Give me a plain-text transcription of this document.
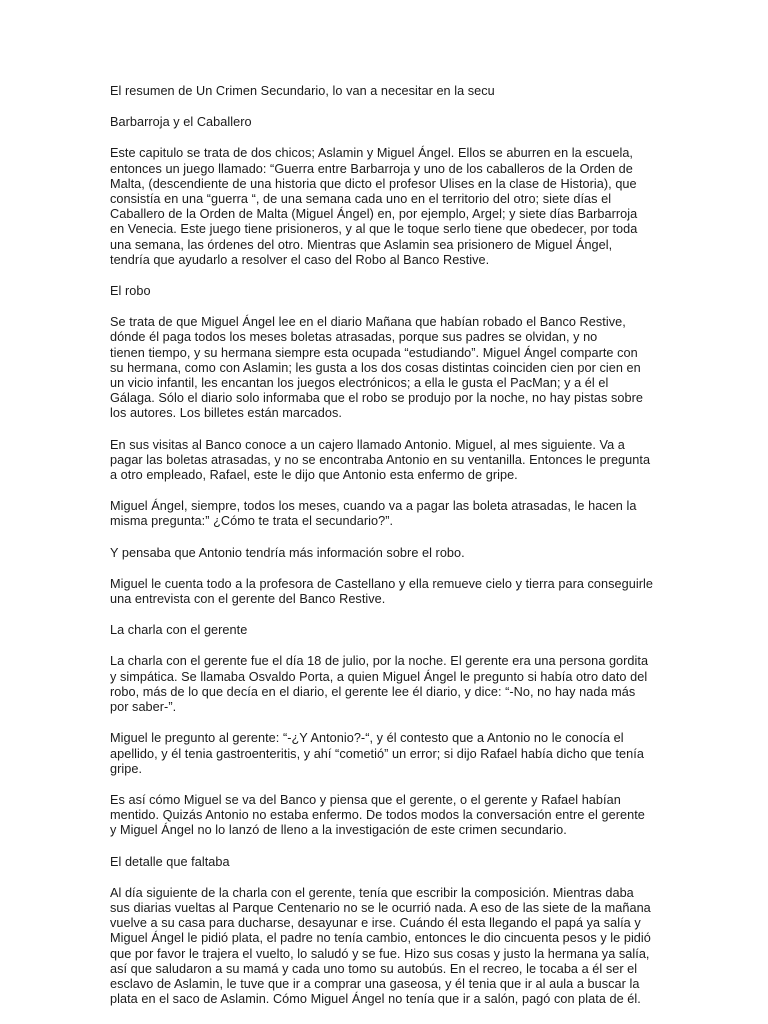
El resumen de Un Crimen Secundario, lo van a necesitar en la secu

Barbarroja y el Caballero

Este capitulo se trata de dos chicos; Aslamin y Miguel Ángel. Ellos se aburren en la escuela,
entonces un juego llamado: “Guerra entre Barbarroja y uno de los caballeros de la Orden de
Malta, (descendiente de una historia que dicto el profesor Ulises en la clase de Historia), que
consistía en una “guerra “, de una semana cada uno en el territorio del otro; siete días el
Caballero de la Orden de Malta (Miguel Ángel) en, por ejemplo, Argel; y siete días Barbarroja
en Venecia. Este juego tiene prisioneros, y al que le toque serlo tiene que obedecer, por toda
una semana, las órdenes del otro. Mientras que Aslamin sea prisionero de Miguel Ángel,
tendría que ayudarlo a resolver el caso del Robo al Banco Restive.

El robo

Se trata de que Miguel Ángel lee en el diario Mañana que habían robado el Banco Restive,
dónde él paga todos los meses boletas atrasadas, porque sus padres se olvidan, y no
tienen tiempo, y su hermana siempre esta ocupada “estudiando”. Miguel Ángel comparte con
su hermana, como con Aslamin; les gusta a los dos cosas distintas coinciden cien por cien en
un vicio infantil, les encantan los juegos electrónicos; a ella le gusta el PacMan; y a él el
Gálaga. Sólo el diario solo informaba que el robo se produjo por la noche, no hay pistas sobre
los autores. Los billetes están marcados.

En sus visitas al Banco conoce a un cajero llamado Antonio. Miguel, al mes siguiente. Va a
pagar las boletas atrasadas, y no se encontraba Antonio en su ventanilla. Entonces le pregunta
a otro empleado, Rafael, este le dijo que Antonio esta enfermo de gripe.

Miguel Ángel, siempre, todos los meses, cuando va a pagar las boleta atrasadas, le hacen la
misma pregunta:” ¿Cómo te trata el secundario?”.

Y pensaba que Antonio tendría más información sobre el robo.

Miguel le cuenta todo a la profesora de Castellano y ella remueve cielo y tierra para conseguirle
una entrevista con el gerente del Banco Restive.

La charla con el gerente

La charla con el gerente fue el día 18 de julio, por la noche. El gerente era una persona gordita
y simpática. Se llamaba Osvaldo Porta, a quien Miguel Ángel le pregunto si había otro dato del
robo, más de lo que decía en el diario, el gerente lee él diario, y dice: “-No, no hay nada más
por saber-”.

Miguel le pregunto al gerente: “-¿Y Antonio?-“, y él contesto que a Antonio no le conocía el
apellido, y él tenia gastroenteritis, y ahí “cometió” un error; si dijo Rafael había dicho que tenía
gripe.

Es así cómo Miguel se va del Banco y piensa que el gerente, o el gerente y Rafael habían
mentido. Quizás Antonio no estaba enfermo. De todos modos la conversación entre el gerente
y Miguel Ángel no lo lanzó de lleno a la investigación de este crimen secundario.

El detalle que faltaba

Al día siguiente de la charla con el gerente, tenía que escribir la composición. Mientras daba
sus diarias vueltas al Parque Centenario no se le ocurrió nada. A eso de las siete de la mañana
vuelve a su casa para ducharse, desayunar e irse. Cuándo él esta llegando el papá ya salía y
Miguel Ángel le pidió plata, el padre no tenía cambio, entonces le dio cincuenta pesos y le pidió
que por favor le trajera el vuelto, lo saludó y se fue. Hizo sus cosas y justo la hermana ya salía,
así que saludaron a su mamá y cada uno tomo su autobús. En el recreo, le tocaba a él ser el
esclavo de Aslamin, le tuve que ir a comprar una gaseosa, y él tenia que ir al aula a buscar la
plata en el saco de Aslamin. Cómo Miguel Ángel no tenía que ir a salón, pagó con plata de él.
